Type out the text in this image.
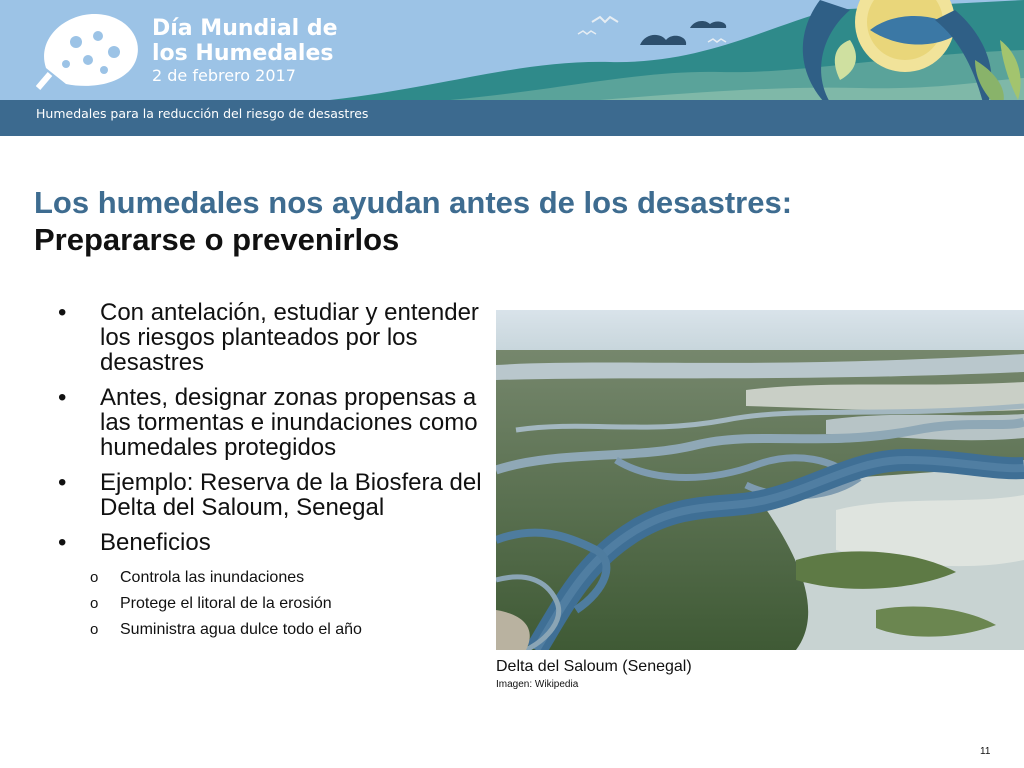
Día Mundial de
los Humedales
2 de febrero 2017
Humedales para la reducción del riesgo de desastres
Los humedales nos ayudan antes de los desastres:
Prepararse o prevenirlos
• Con antelación, estudiar y entender los riesgos planteados por los desastres
• Antes, designar zonas propensas a las tormentas e inundaciones como humedales protegidos
• Ejemplo: Reserva de la Biosfera del Delta del Saloum, Senegal
• Beneficios
o Controla las inundaciones
o Protege el litoral de la erosión
o Suministra agua dulce todo el año
Delta del Saloum (Senegal)
Imagen: Wikipedia
11
